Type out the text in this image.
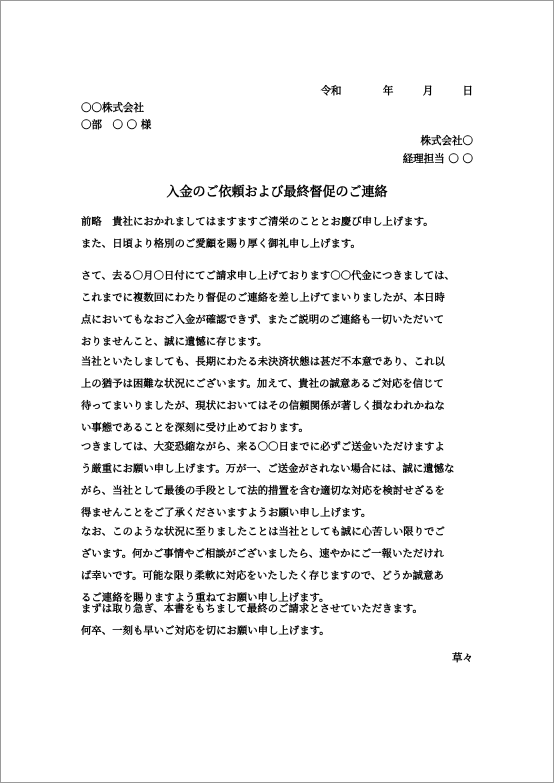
令和	年	月	日
〇〇株式会社
〇部　〇 〇 様
株式会社〇
経理担当 〇 〇
入金のご依頼および最終督促のご連絡
前略　貴社におかれましてはますますご清栄のこととお慶び申し上げます。
また、日頃より格別のご愛顧を賜り厚く御礼申し上げます。
さて、去る〇月〇日付にてご請求申し上げております〇〇代金につきましては、
これまでに複数回にわたり督促のご連絡を差し上げてまいりましたが、本日時
点においてもなおご入金が確認できず、またご説明のご連絡も一切いただいて
おりませんこと、誠に遺憾に存じます。
当社といたしましても、長期にわたる未決済状態は甚だ不本意であり、これ以
上の猶予は困難な状況にございます。加えて、貴社の誠意あるご対応を信じて
待ってまいりましたが、現状においてはその信頼関係が著しく損なわれかねな
い事態であることを深刻に受け止めております。
つきましては、大変恐縮ながら、来る〇〇日までに必ずご送金いただけますよ
う厳重にお願い申し上げます。万が一、ご送金がされない場合には、誠に遺憾な
がら、当社として最後の手段として法的措置を含む適切な対応を検討せざるを
得ませんことをご了承くださいますようお願い申し上げます。
なお、このような状況に至りましたことは当社としても誠に心苦しい限りでご
ざいます。何かご事情やご相談がございましたら、速やかにご一報いただけれ
ば幸いです。可能な限り柔軟に対応をいたしたく存じますので、どうか誠意あ
るご連絡を賜りますよう重ねてお願い申し上げます。
まずは取り急ぎ、本書をもちまして最終のご請求とさせていただきます。
何卒、一刻も早いご対応を切にお願い申し上げます。
草々
